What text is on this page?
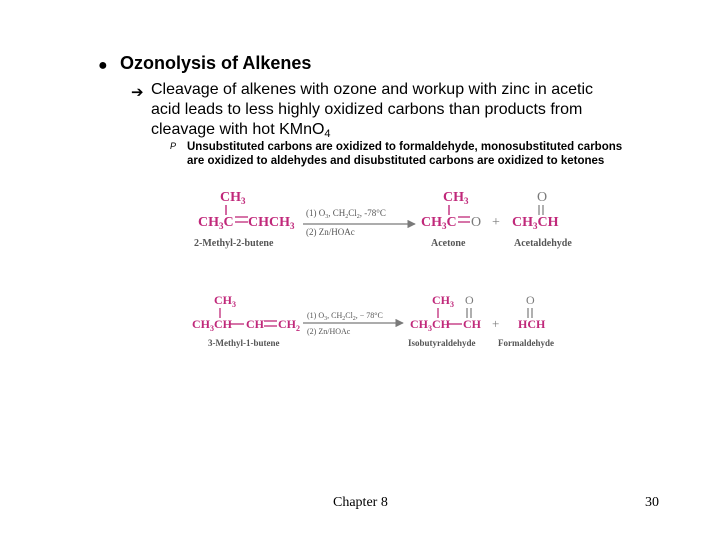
● Ozonolysis of Alkenes
➔ Cleavage of alkenes with ozone and workup with zinc in acetic
acid leads to less highly oxidized carbons than products from
cleavage with hot KMnO$_4$
P Unsubstituted carbons are oxidized to formaldehyde, monosubstituted carbons
are oxidized to aldehydes and disubstituted carbons are oxidized to ketones
$CH_3$
$CH_3C$ $CHCH_3$
(1) $O_3$, $CH_2Cl_2$, -78°C
(2) Zn/HOAc
$CH_3$
$CH_3C$ O +
O
$CH_3CH$
2-Methyl-2-butene	Acetone	Acetaldehyde
$CH_3$
$CH_3CH$ CH $CH_2$
(1) $O_3$, $CH_2Cl_2$, − 78°C
(2) Zn/HOAc
$CH_3$
$CH_3CH$ CH
O
+
O
HCH
3-Methyl-1-butene	Isobutyraldehyde Formaldehyde
Chapter 8	30
